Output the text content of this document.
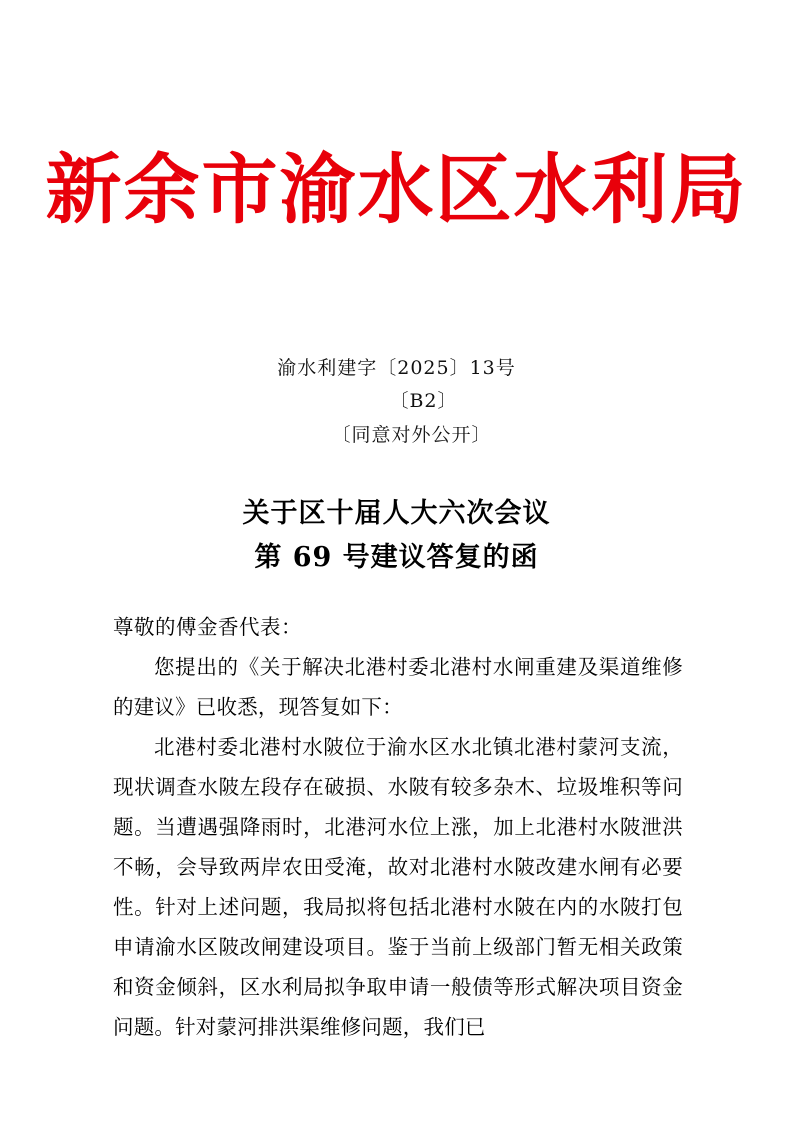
新余市渝水区水利局
渝水利建字〔2025〕13号
〔B2〕
〔同意对外公开〕
关于区十届人大六次会议
第 69 号建议答复的函
尊敬的傅金香代表：

您提出的《关于解决北港村委北港村水闸重建及渠道维修的建议》已收悉，现答复如下：

北港村委北港村水陂位于渝水区水北镇北港村蒙河支流，现状调查水陂左段存在破损、水陂有较多杂木、垃圾堆积等问题。当遭遇强降雨时，北港河水位上涨，加上北港村水陂泄洪不畅，会导致两岸农田受淹，故对北港村水陂改建水闸有必要性。针对上述问题，我局拟将包括北港村水陂在内的水陂打包申请渝水区陂改闸建设项目。鉴于当前上级部门暂无相关政策和资金倾斜，区水利局拟争取申请一般债等形式解决项目资金问题。针对蒙河排洪渠维修问题，我们已
